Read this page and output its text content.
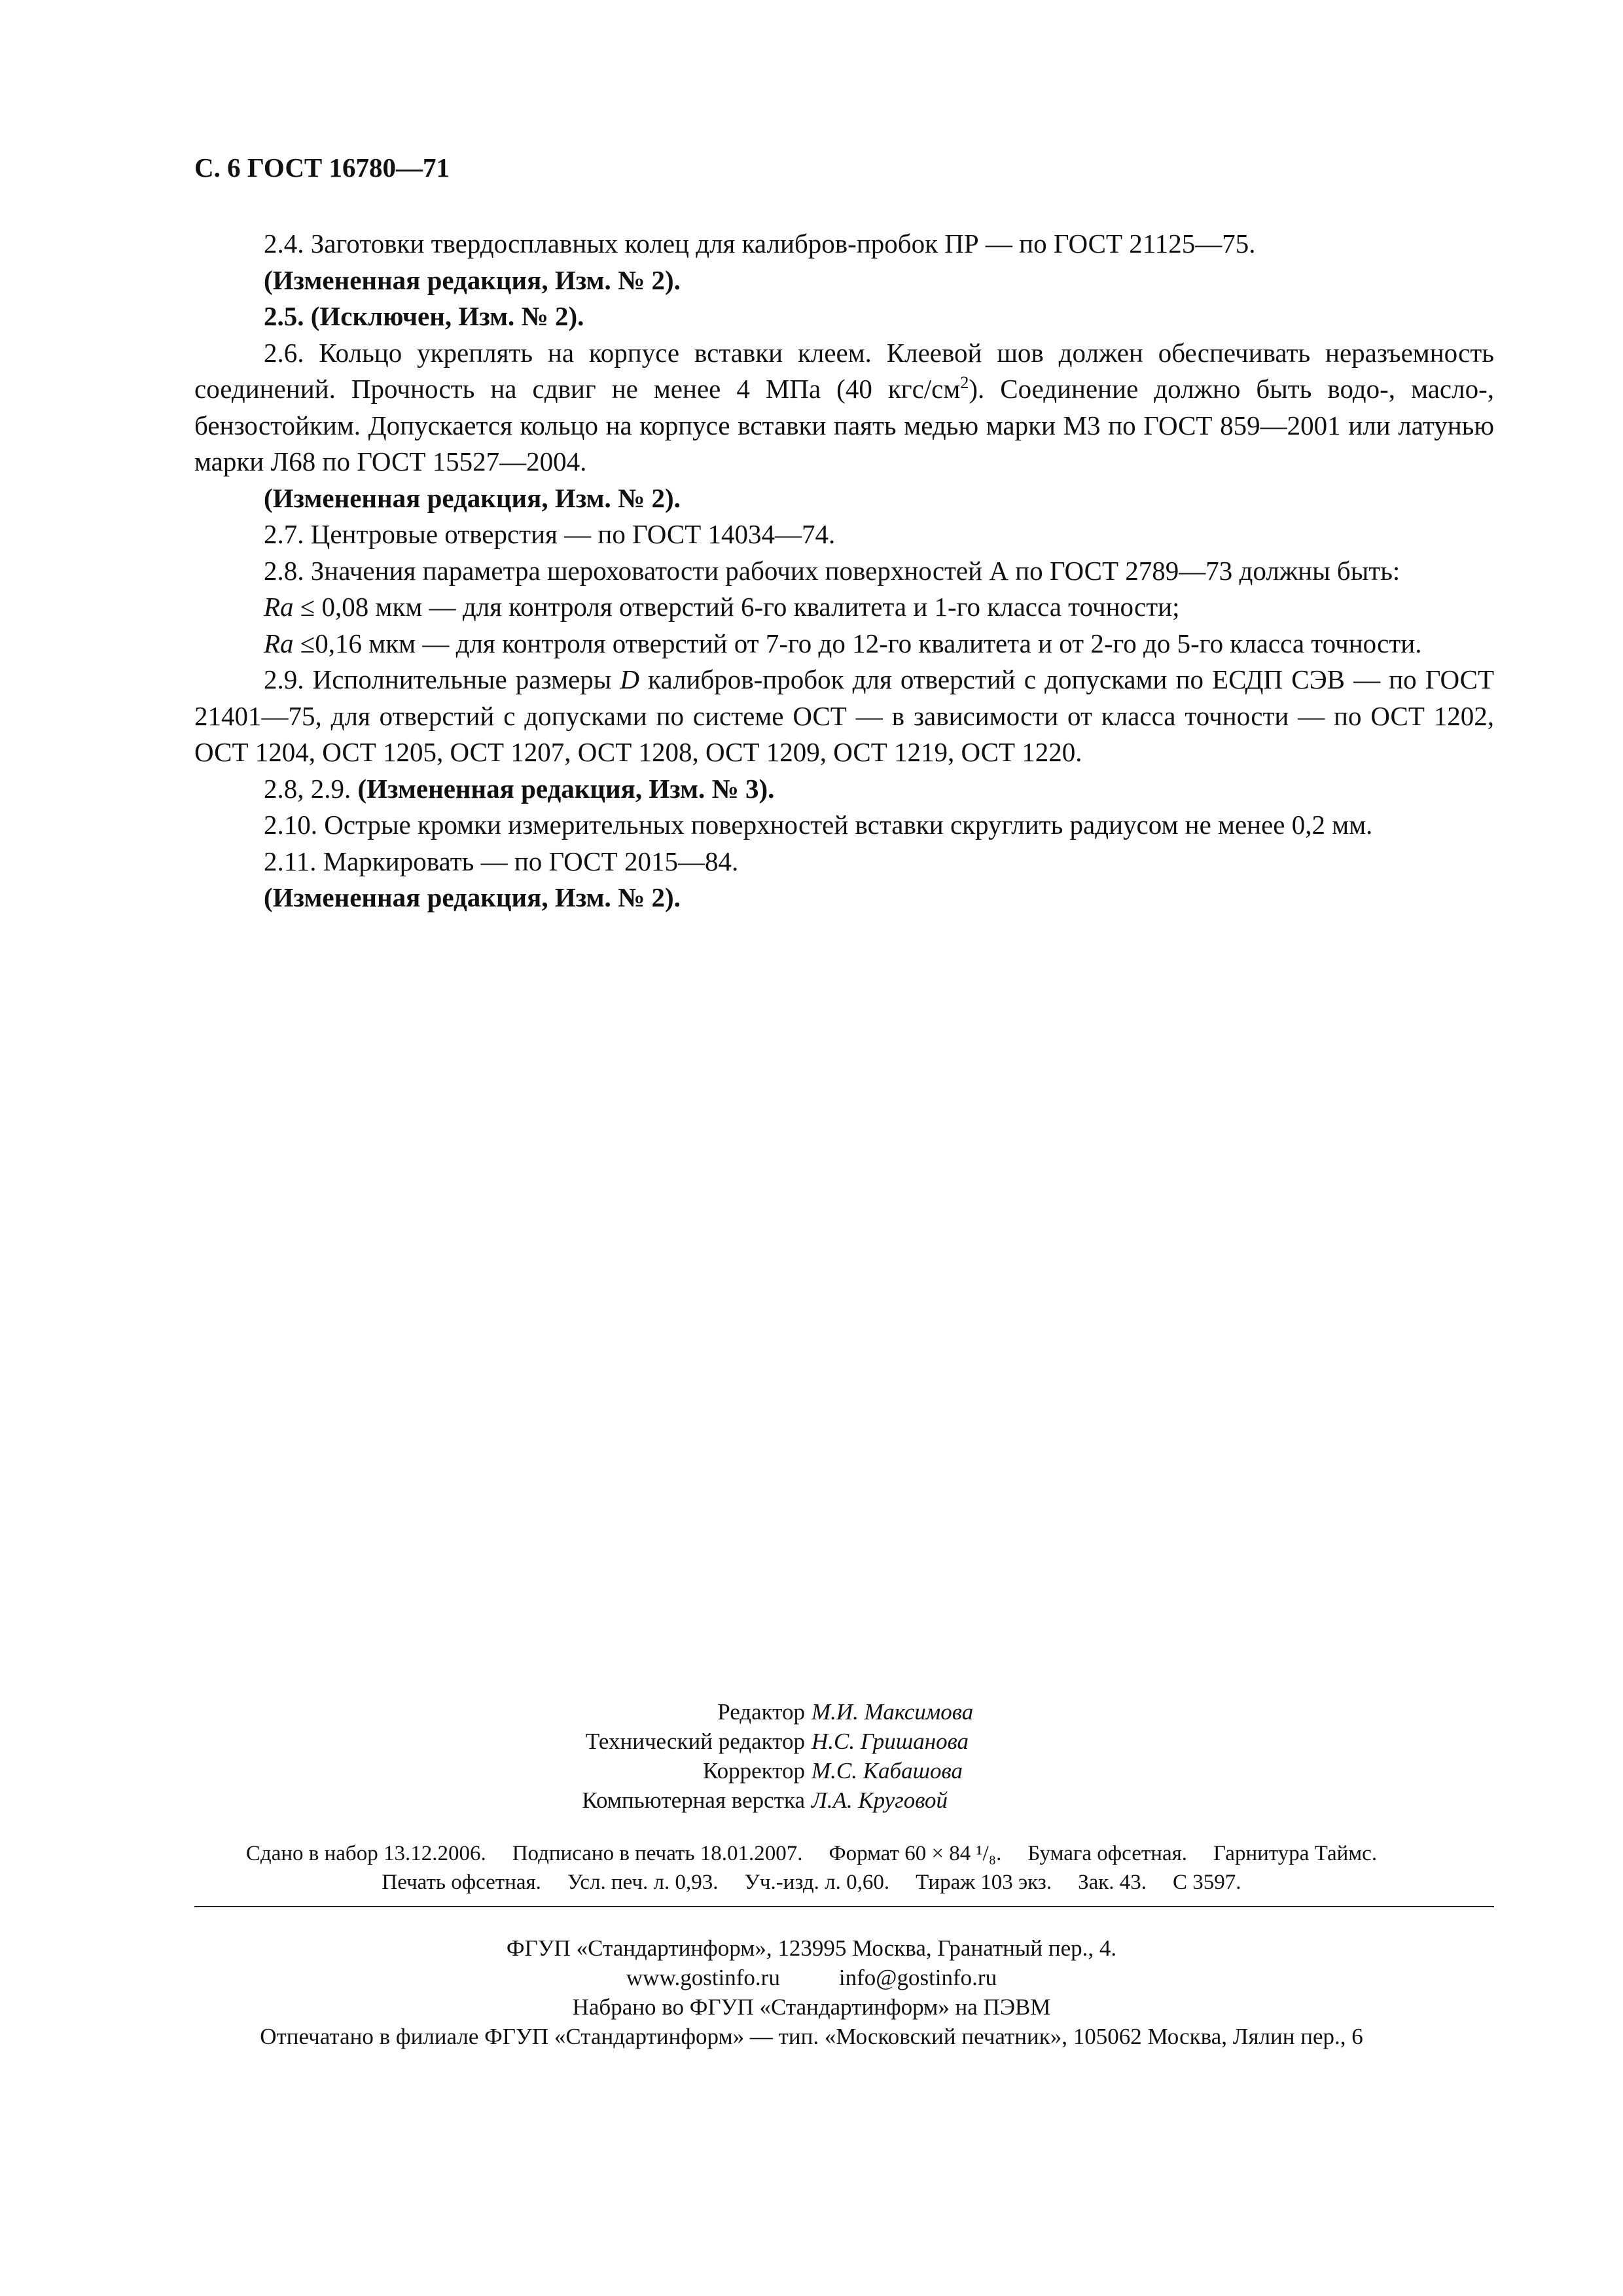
С. 6 ГОСТ 16780—71

2.4. Заготовки твердосплавных колец для калибров-пробок ПР — по ГОСТ 21125—75.

(Измененная редакция, Изм. № 2).

2.5. (Исключен, Изм. № 2).

2.6. Кольцо укреплять на корпусе вставки клеем. Клеевой шов должен обеспечивать неразъемность соединений. Прочность на сдвиг не менее 4 МПа (40 кгс/$см^2$). Соединение должно быть водо-, масло-, бензостойким. Допускается кольцо на корпусе вставки паять медью марки М3 по ГОСТ 859—2001 или латунью марки Л68 по ГОСТ 15527—2004.

(Измененная редакция, Изм. № 2).

2.7. Центровые отверстия — по ГОСТ 14034—74.

2.8. Значения параметра шероховатости рабочих поверхностей А по ГОСТ 2789—73 должны быть:

Ra ≤ 0,08 мкм — для контроля отверстий 6-го квалитета и 1-го класса точности;

Ra ≤0,16 мкм — для контроля отверстий от 7-го до 12-го квалитета и от 2-го до 5-го класса точности.

2.9. Исполнительные размеры D калибров-пробок для отверстий с допусками по ЕСДП СЭВ — по ГОСТ 21401—75, для отверстий с допусками по системе ОСТ — в зависимости от класса точности — по ОСТ 1202, ОСТ 1204, ОСТ 1205, ОСТ 1207, ОСТ 1208, ОСТ 1209, ОСТ 1219, ОСТ 1220.

2.8, 2.9. (Измененная редакция, Изм. № 3).

2.10. Острые кромки измерительных поверхностей вставки скруглить радиусом не менее 0,2 мм.

2.11. Маркировать — по ГОСТ 2015—84.

(Измененная редакция, Изм. № 2).

Редактор М.И. Максимова

Технический редактор Н.С. Гришанова

Корректор М.С. Кабашова

Компьютерная верстка Л.А. Круговой

Сдано в набор 13.12.2006. Подписано в печать 18.01.2007. Формат 60 × 84 ¹/₈. Бумага офсетная. Гарнитура Таймс.
Печать офсетная. Усл. печ. л. 0,93. Уч.-изд. л. 0,60. Тираж 103 экз. Зак. 43. С 3597.

ФГУП «Стандартинформ», 123995 Москва, Гранатный пер., 4.

www.gostinfo.ru	info@gostinfo.ru

Набрано во ФГУП «Стандартинформ» на ПЭВМ

Отпечатано в филиале ФГУП «Стандартинформ» — тип. «Московский печатник», 105062 Москва, Лялин пер., 6
